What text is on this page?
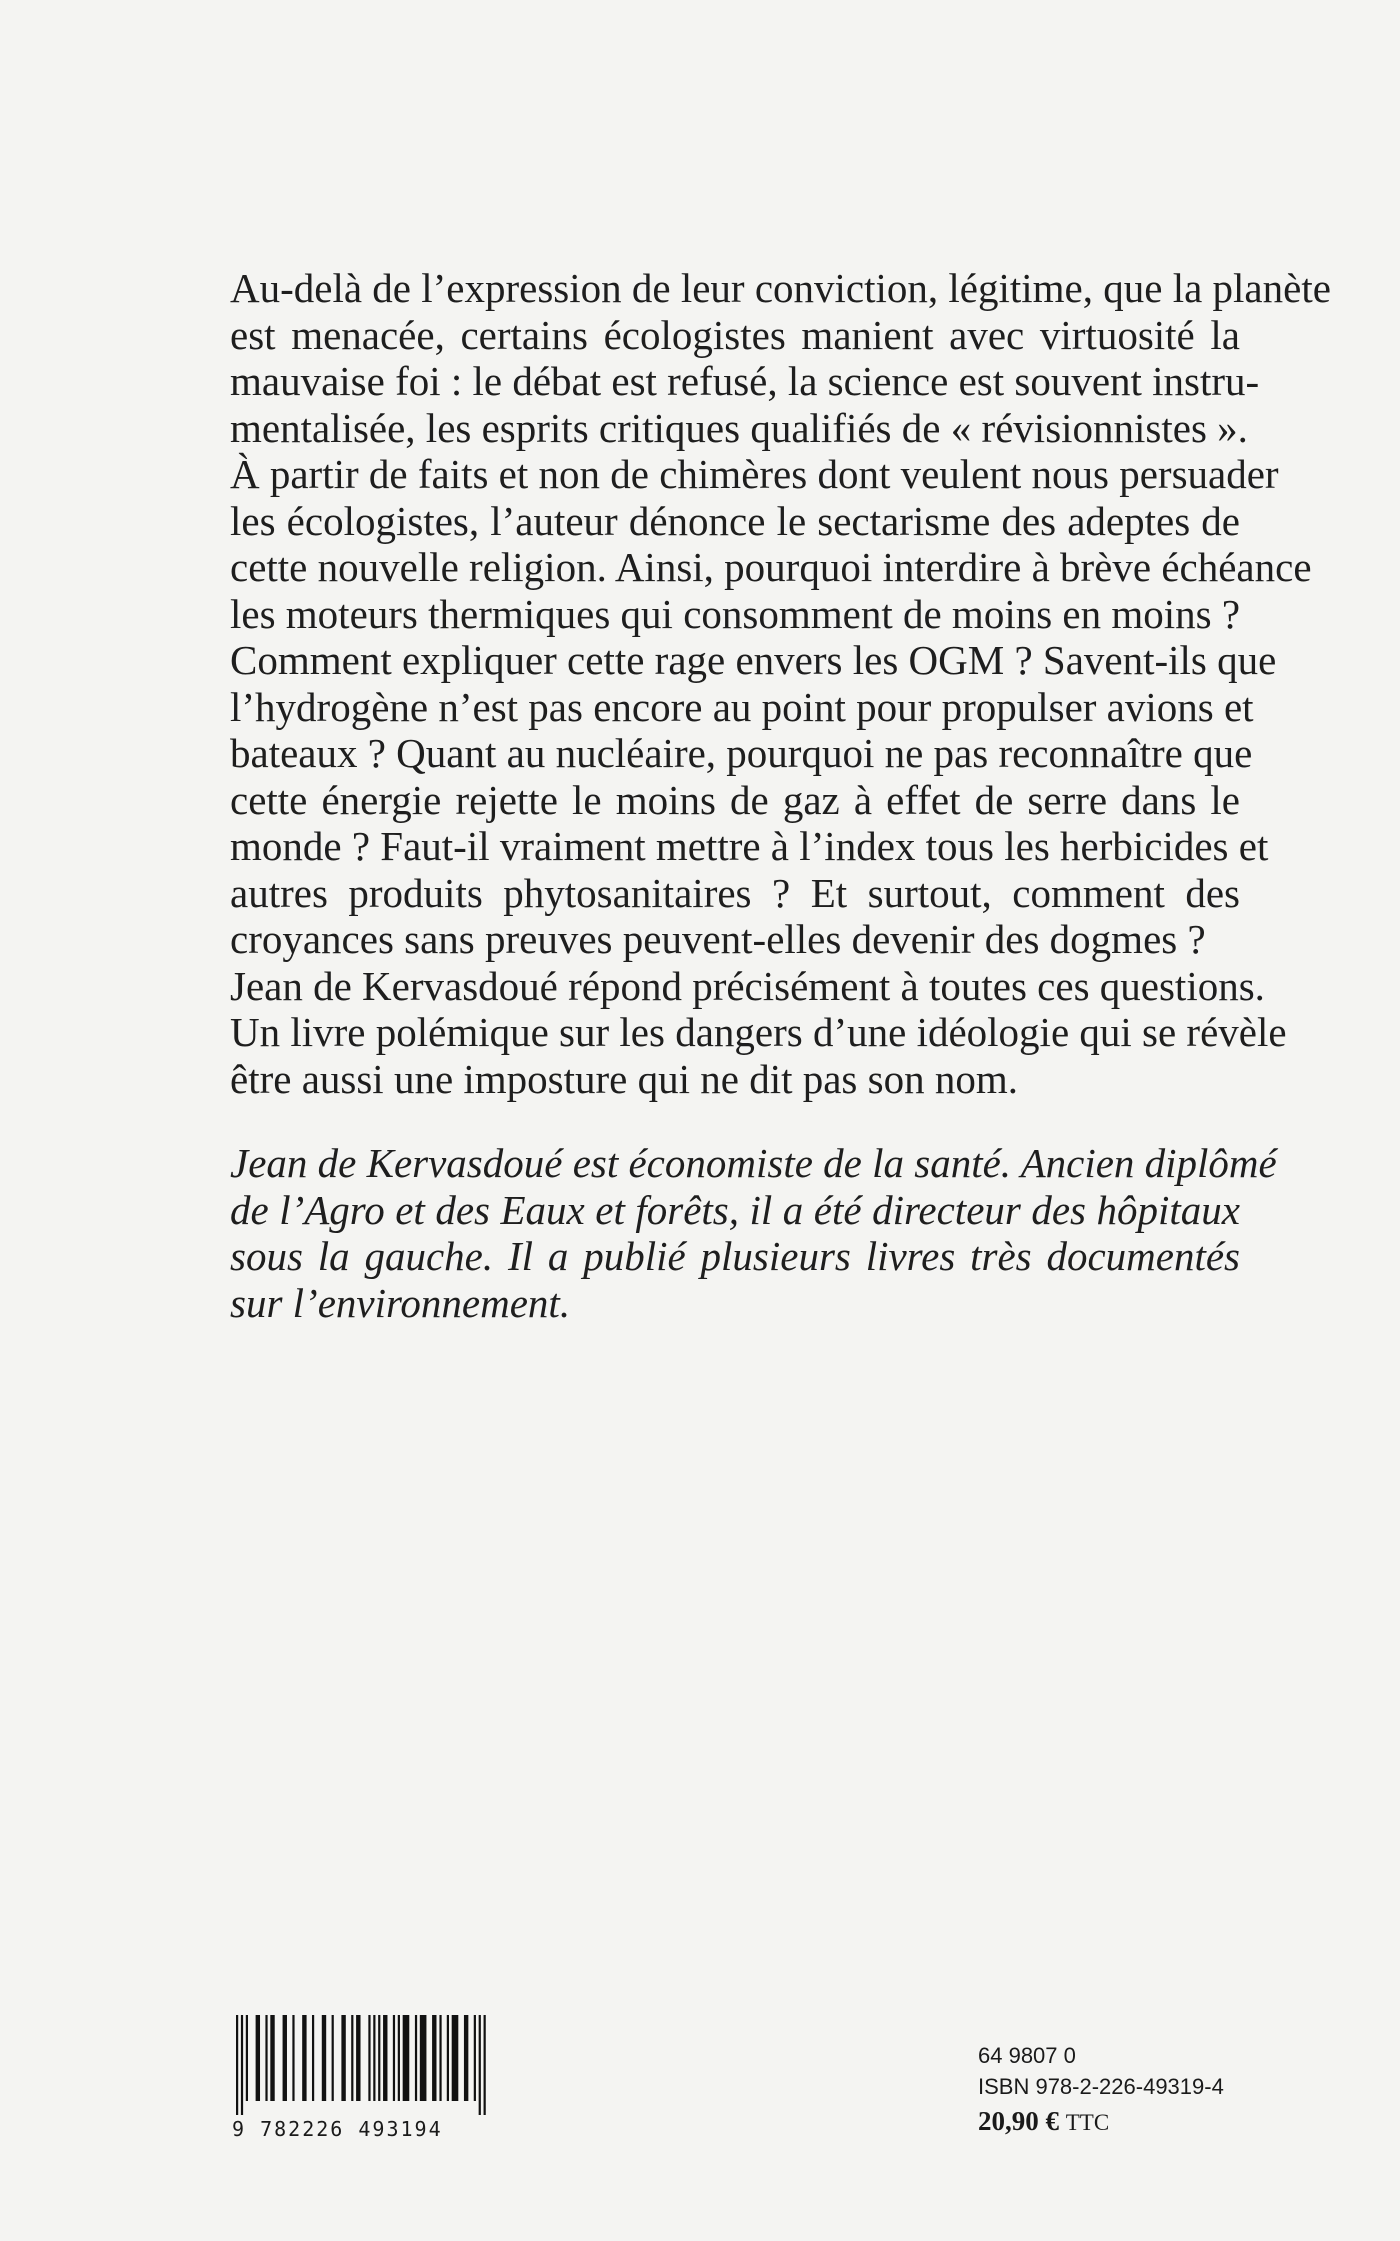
Au-delà de l’expression de leur conviction, légitime, que la planète
est menacée, certains écologistes manient avec virtuosité la
mauvaise foi : le débat est refusé, la science est souvent instru-
mentalisée, les esprits critiques qualifiés de « révisionnistes ».
À partir de faits et non de chimères dont veulent nous persuader
les écologistes, l’auteur dénonce le sectarisme des adeptes de
cette nouvelle religion. Ainsi, pourquoi interdire à brève échéance
les moteurs thermiques qui consomment de moins en moins ?
Comment expliquer cette rage envers les OGM ? Savent-ils que
l’hydrogène n’est pas encore au point pour propulser avions et
bateaux ? Quant au nucléaire, pourquoi ne pas reconnaître que
cette énergie rejette le moins de gaz à effet de serre dans le
monde ? Faut-il vraiment mettre à l’index tous les herbicides et
autres produits phytosanitaires ? Et surtout, comment des
croyances sans preuves peuvent-elles devenir des dogmes ?
Jean de Kervasdoué répond précisément à toutes ces questions.
Un livre polémique sur les dangers d’une idéologie qui se révèle
être aussi une imposture qui ne dit pas son nom.
Jean de Kervasdoué est économiste de la santé. Ancien diplômé
de l’Agro et des Eaux et forêts, il a été directeur des hôpitaux
sous la gauche. Il a publié plusieurs livres très documentés
sur l’environnement.
9 782226 493194
64 9807 0
ISBN 978-2-226-49319-4
20,90 € TTC
